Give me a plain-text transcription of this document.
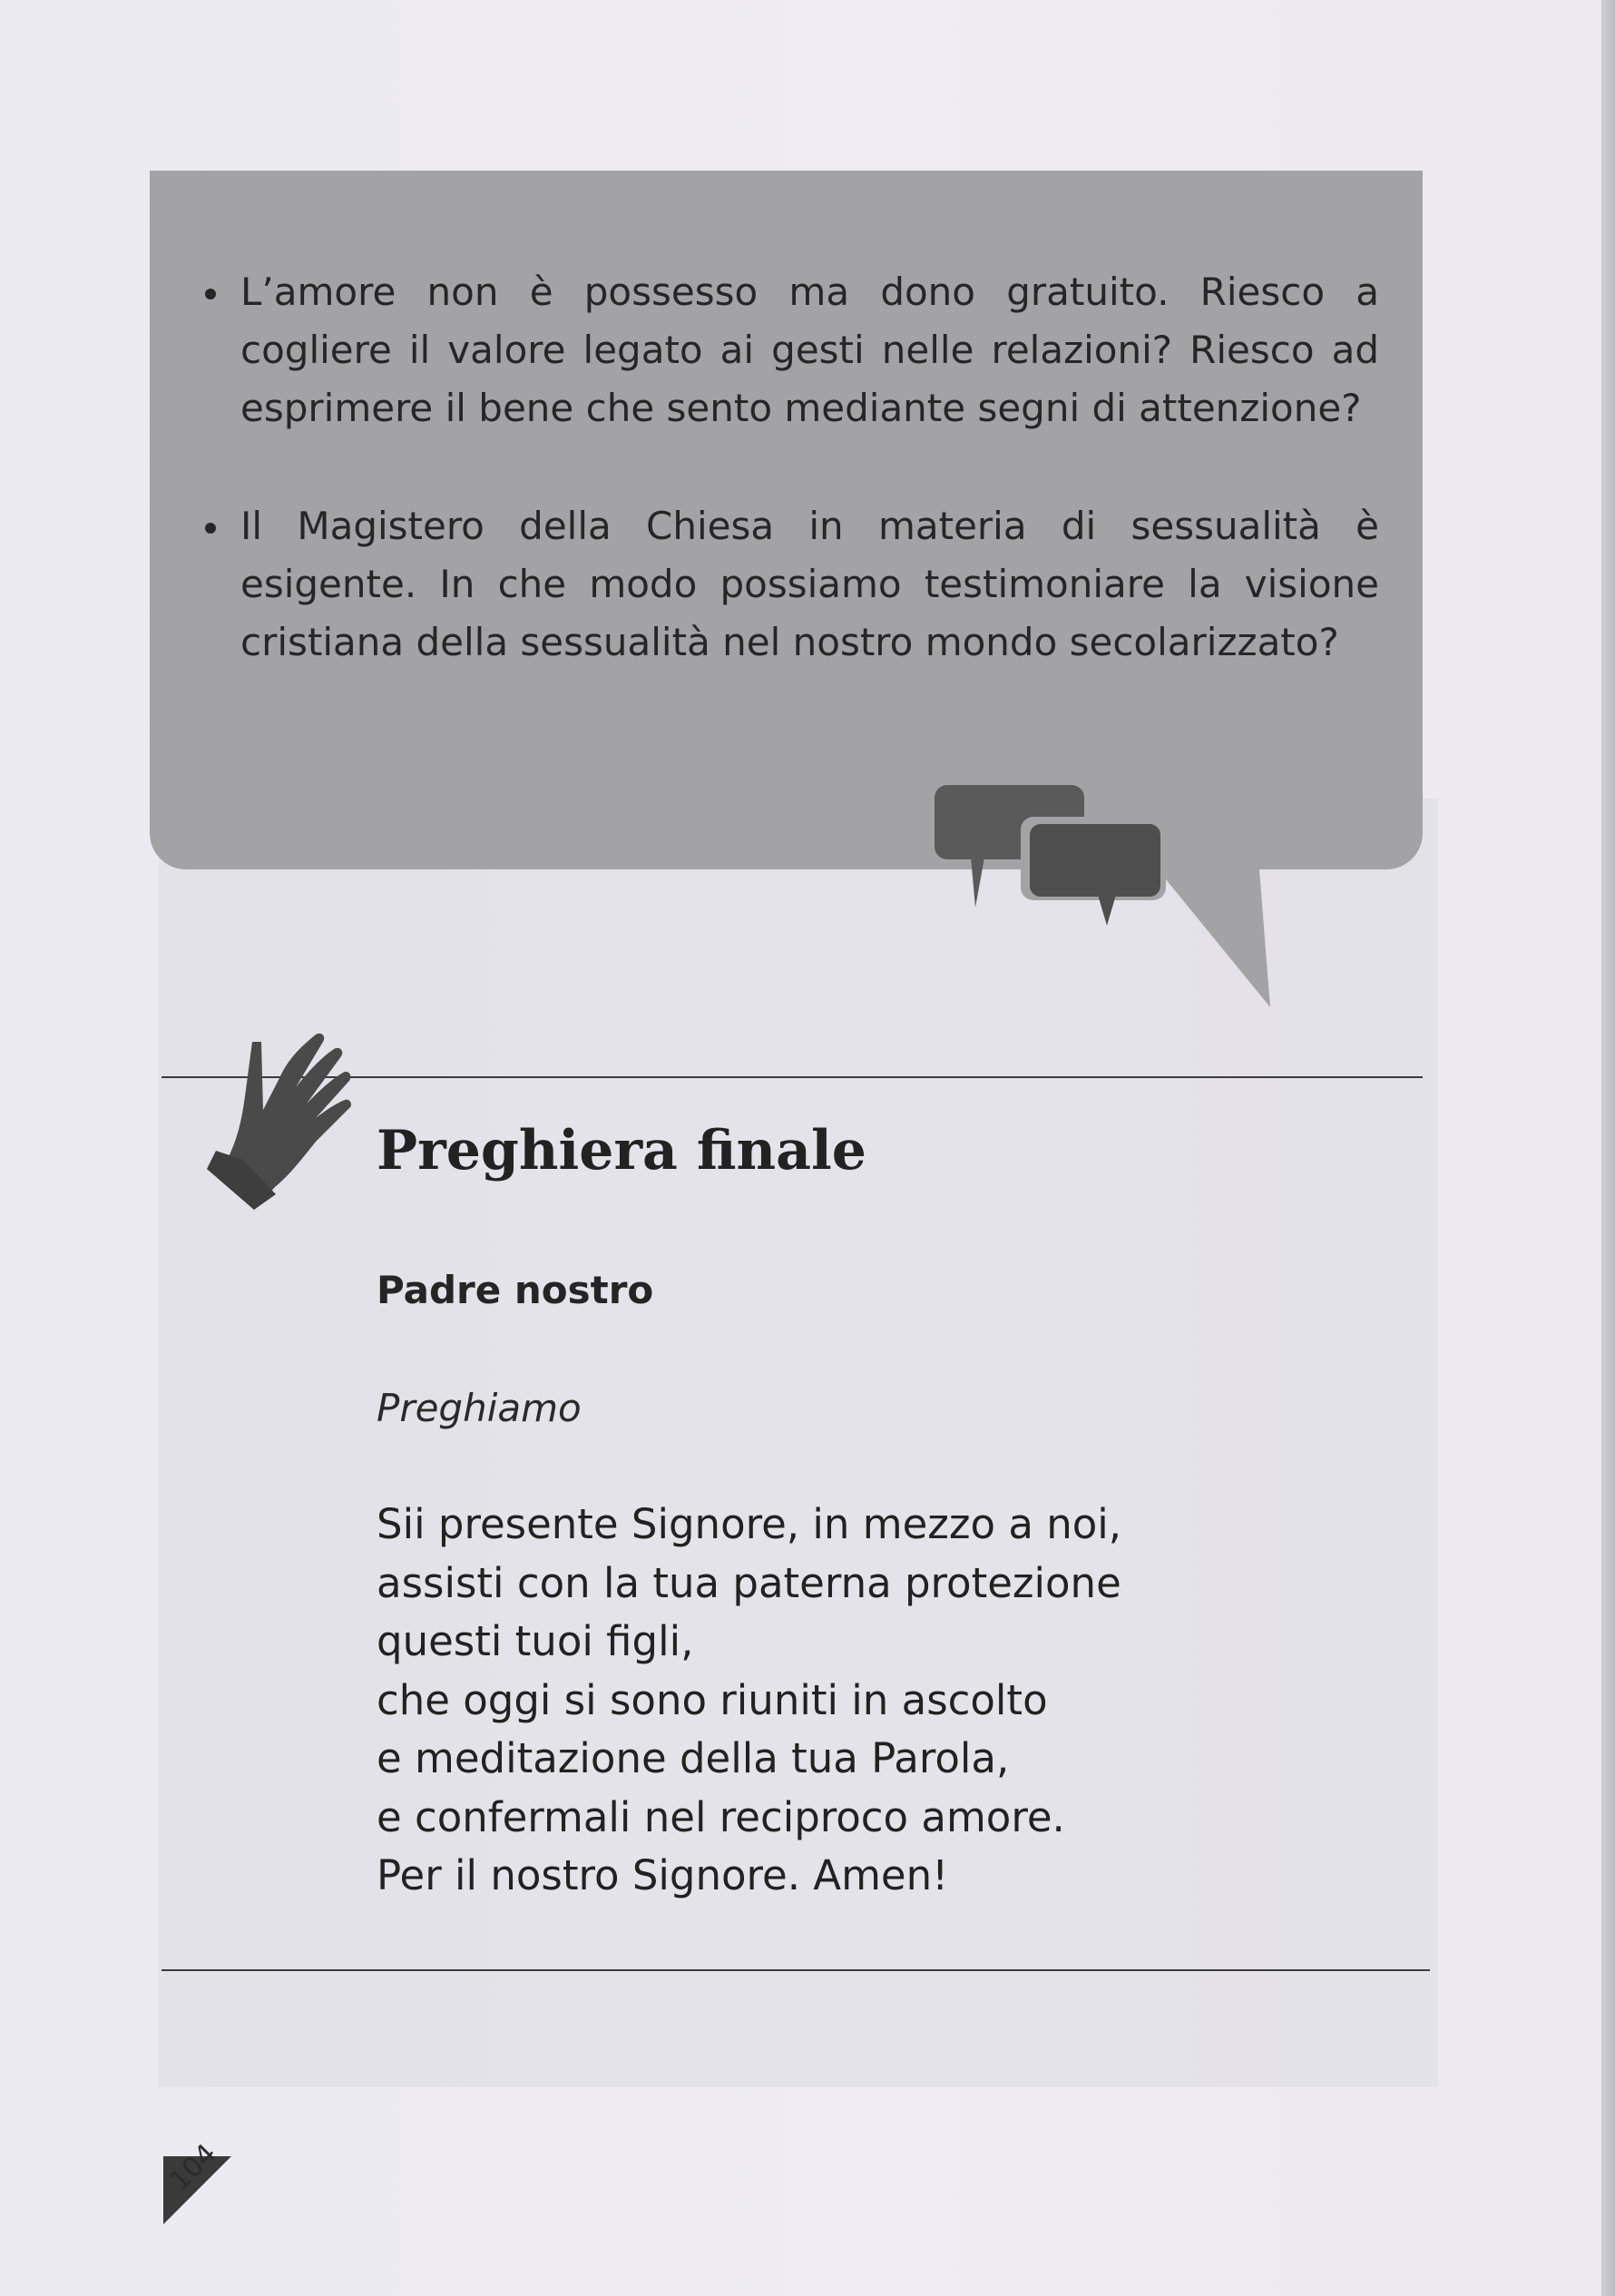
L’amore non è possesso ma dono gratuito. Riesco a cogliere il valore legato ai gesti nelle relazioni? Riesco ad esprimere il bene che sento mediante segni di attenzione?
Il Magistero della Chiesa in materia di sessualità è esigente. In che modo possiamo testimoniare la visione cristiana della sessualità nel nostro mondo secolarizzato?
Preghiera finale
Padre nostro
Preghiamo
Sii presente Signore, in mezzo a noi,
assisti con la tua paterna protezione
questi tuoi figli,
che oggi si sono riuniti in ascolto
e meditazione della tua Parola,
e confermali nel reciproco amore.
Per il nostro Signore. Amen!
104
